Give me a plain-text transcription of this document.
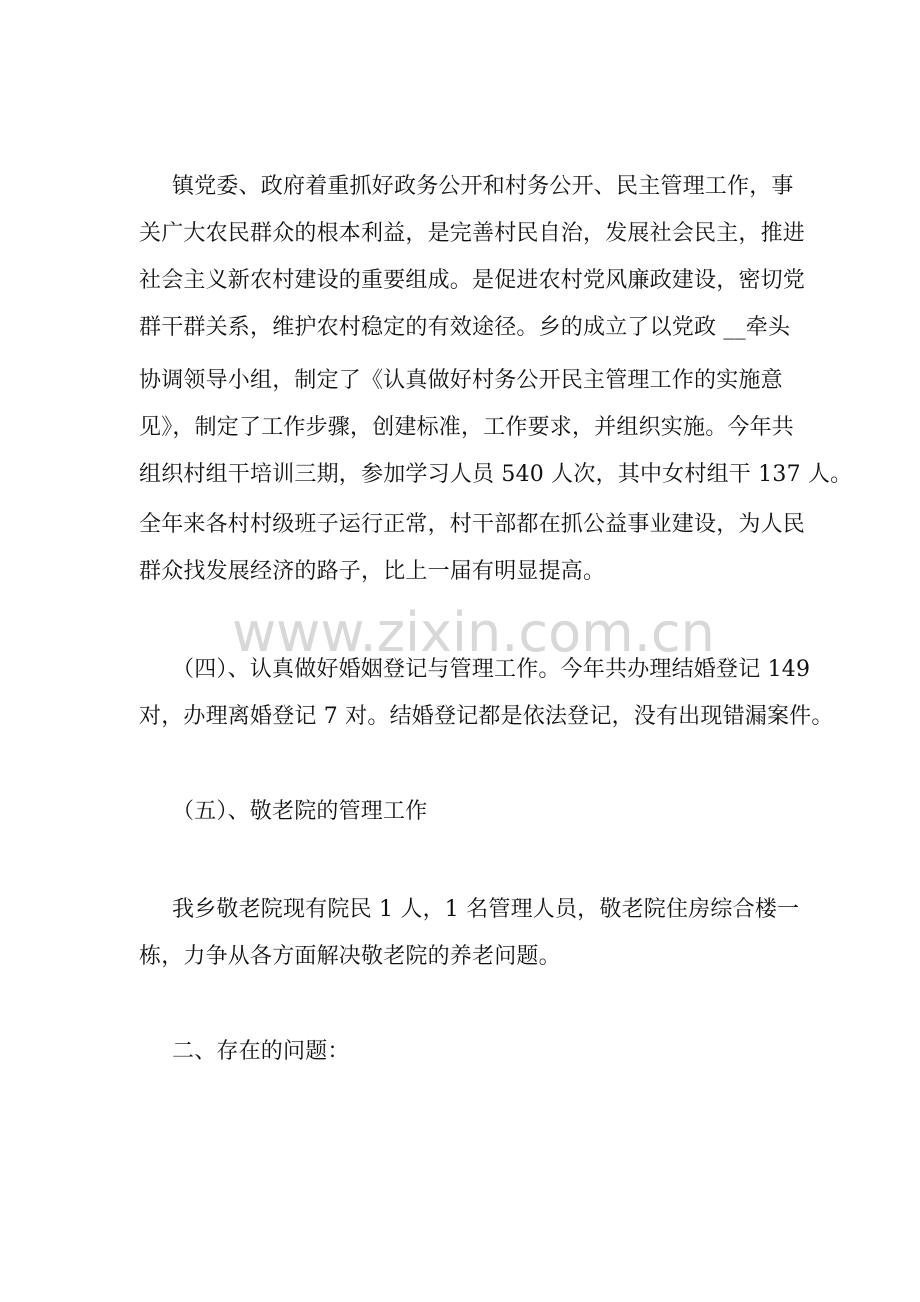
镇党委、政府着重抓好政务公开和村务公开、民主管理工作，事
关广大农民群众的根本利益，是完善村民自治，发展社会民主，推进
社会主义新农村建设的重要组成。是促进农村党风廉政建设，密切党
群干群关系，维护农村稳定的有效途径。乡的成立了以党政 __牵头
协调领导小组，制定了《认真做好村务公开民主管理工作的实施意
见》，制定了工作步骤，创建标准，工作要求，并组织实施。今年共
组织村组干培训三期，参加学习人员 540 人次，其中女村组干 137 人。
全年来各村村级班子运行正常，村干部都在抓公益事业建设，为人民
群众找发展经济的路子，比上一届有明显提高。
www.zixin.com.cn
（四）、认真做好婚姻登记与管理工作。今年共办理结婚登记 149
对，办理离婚登记 7 对。结婚登记都是依法登记，没有出现错漏案件。
（五）、敬老院的管理工作
我乡敬老院现有院民 1 人，1 名管理人员，敬老院住房综合楼一
栋，力争从各方面解决敬老院的养老问题。
二、存在的问题：
